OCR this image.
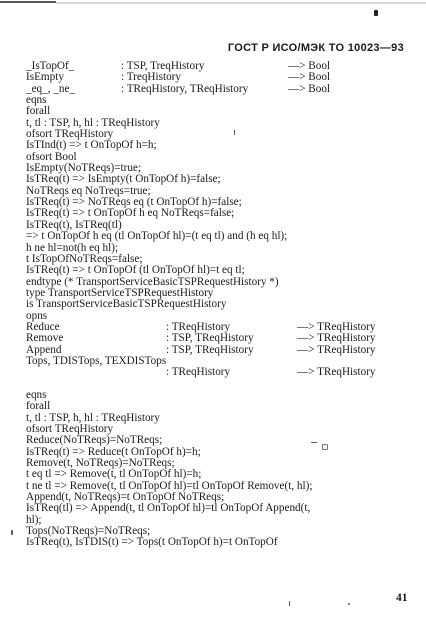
ГОСТ Р ИСО/МЭК ТО 10023—93
_IsTopOf_	: TSP, TreqHistory	—> Bool
IsEmpty	: TreqHistory	—> Bool
_eq_, _ne_	: TReqHistory, TReqHistory	—> Bool
eqns
forall
t, tl : TSP, h, hl : TReqHistory
ofsort TReqHistory
IsTInd(t) => t OnTopOf h=h;
ofsort Bool
IsEmpty(NoTReqs)=true;
IsTReq(t) => IsEmpty(t OnTopOf h)=false;
NoTReqs eq NoTreqs=true;
IsTReq(t) => NoTReqs eq (t OnTopOf h)=false;
IsTReq(t) => t OnTopOf h eq NoTReqs=false;
IsTReq(t), IsTReq(tl)
=> t OnTopOf h eq (tl OnTopOf hl)=(t eq tl) and (h eq hl);
h ne hl=not(h eq hl);
t IsTopOfNoTReqs=false;
IsTReq(t) => t OnTopOf (tl OnTopOf hl)=t eq tl;
endtype (* TransportServiceBasicTSPRequestHistory *)
type TransportServiceTSPRequestHistory
is TransportServiceBasicTSPRequestHistory
opns
Reduce	: TReqHistory	—> TReqHistory
Remove	: TSP, TReqHistory	—> TReqHistory
Append	: TSP, TReqHistory	—> TReqHistory
Tops, TDISTops, TEXDISTops
: TReqHistory	—> TReqHistory
eqns
forall
t, tl : TSP, h, hl : TReqHistory
ofsort TReqHistory
Reduce(NoTReqs)=NoTReqs;
IsTReq(t) => Reduce(t OnTopOf h)=h;
Remove(t, NoTReqs)=NoTReqs;
t eq tl => Remove(t, tl OnTopOf hl)=h;
t ne tl => Remove(t, tl OnTopOf hl)=tl OnTopOf Remove(t, hl);
Append(t, NoTReqs)=t OnTopOf NoTReqs;
IsTReq(tl) => Append(t, tl OnTopOf hl)=tl OnTopOf Append(t,
hl);
Tops(NoTReqs)=NoTReqs;
IsTReq(t), IsTDIS(t) => Tops(t OnTopOf h)=t OnTopOf
41
